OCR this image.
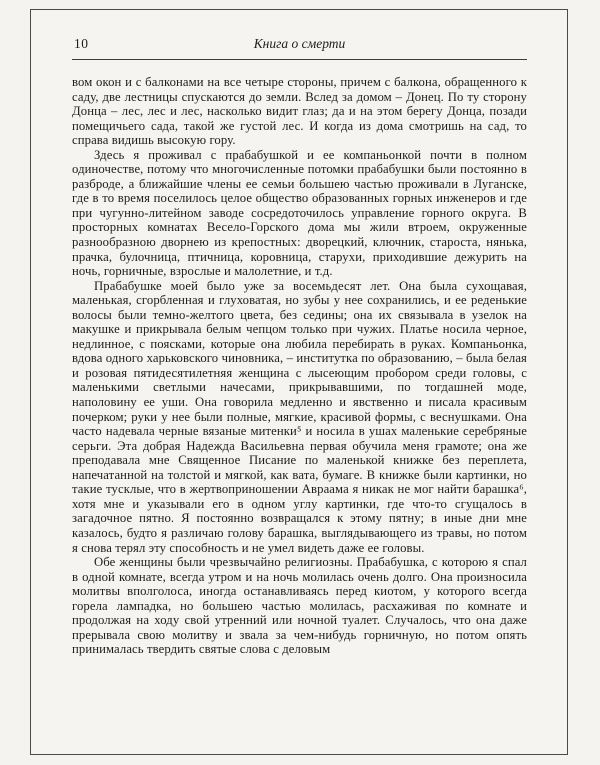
10	Книга о смерти

вом окон и с балконами на все четыре стороны, причем с балкона, обращенного к саду, две лестницы спускаются до земли. Вслед за домом – Донец. По ту сторону Донца – лес, лес и лес, насколько видит глаз; да и на этом берегу Донца, позади помещичьего сада, такой же густой лес. И когда из дома смотришь на сад, то справа видишь высокую гору.

Здесь я проживал с прабабушкой и ее компаньонкой почти в полном одиночестве, потому что многочисленные потомки прабабушки были постоянно в разброде, а ближайшие члены ее семьи большею частью проживали в Луганске, где в то время поселилось целое общество образованных горных инженеров и где при чугунно-литейном заводе сосредоточилось управление горного округа. В просторных комнатах Весело-Горского дома мы жили втроем, окруженные разнообразною дворнею из крепостных: дворецкий, ключник, староста, нянька, прачка, булочница, птичница, коровница, старухи, приходившие дежурить на ночь, горничные, взрослые и малолетние, и т.д.

Прабабушке моей было уже за восемьдесят лет. Она была сухощавая, маленькая, сгорбленная и глуховатая, но зубы у нее сохранились, и ее реденькие волосы были темно-желтого цвета, без седины; она их связывала в узелок на макушке и прикрывала белым чепцом только при чужих. Платье носила черное, недлинное, с поясками, которые она любила перебирать в руках. Компаньонка, вдова одного харьковского чиновника, – институтка по образованию, – была белая и розовая пятидесятилетняя женщина с лысеющим пробором среди головы, с маленькими светлыми начесами, прикрывавшими, по тогдашней моде, наполовину ее уши. Она говорила медленно и явственно и писала красивым почерком; руки у нее были полные, мягкие, красивой формы, с веснушками. Она часто надевала черные вязаные митенки⁵ и носила в ушах маленькие серебряные серьги. Эта добрая Надежда Васильевна первая обучила меня грамоте; она же преподавала мне Священное Писание по маленькой книжке без переплета, напечатанной на толстой и мягкой, как вата, бумаге. В книжке были картинки, но такие тусклые, что в жертвоприношении Авраама я никак не мог найти барашка⁶, хотя мне и указывали его в одном углу картинки, где что-то сгущалось в загадочное пятно. Я постоянно возвращался к этому пятну; в иные дни мне казалось, будто я различаю голову барашка, выглядывающего из травы, но потом я снова терял эту способность и не умел видеть даже ее головы.

Обе женщины были чрезвычайно религиозны. Прабабушка, с которою я спал в одной комнате, всегда утром и на ночь молилась очень долго. Она произносила молитвы вполголоса, иногда останавливаясь перед киотом, у которого всегда горела лампадка, но большею частью молилась, расхаживая по комнате и продолжая на ходу свой утренний или ночной туалет. Случалось, что она даже прерывала свою молитву и звала за чем-нибудь горничную, но потом опять принималась твердить святые слова с деловым
